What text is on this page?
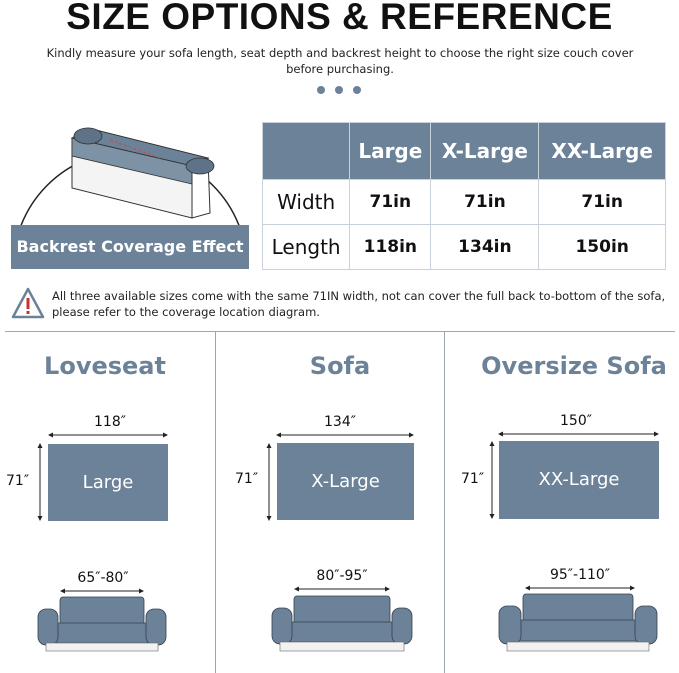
SIZE OPTIONS & REFERENCE
Kindly measure your sofa length, seat depth and backrest height to choose the right size couch cover before purchasing.
Backrest Coverage Effect
	Large	X-Large	XX-Large
Width	71in	71in	71in
Length	118in	134in	150in
All three available sizes come with the same 71IN width, not can cover the full back to-bottom of the sofa, please refer to the coverage location diagram.
Loveseat
118″
71″	Large
65″-80″
Sofa
134″
71″	X-Large
80″-95″
Oversize Sofa
150″
71″	XX-Large
95″-110″
